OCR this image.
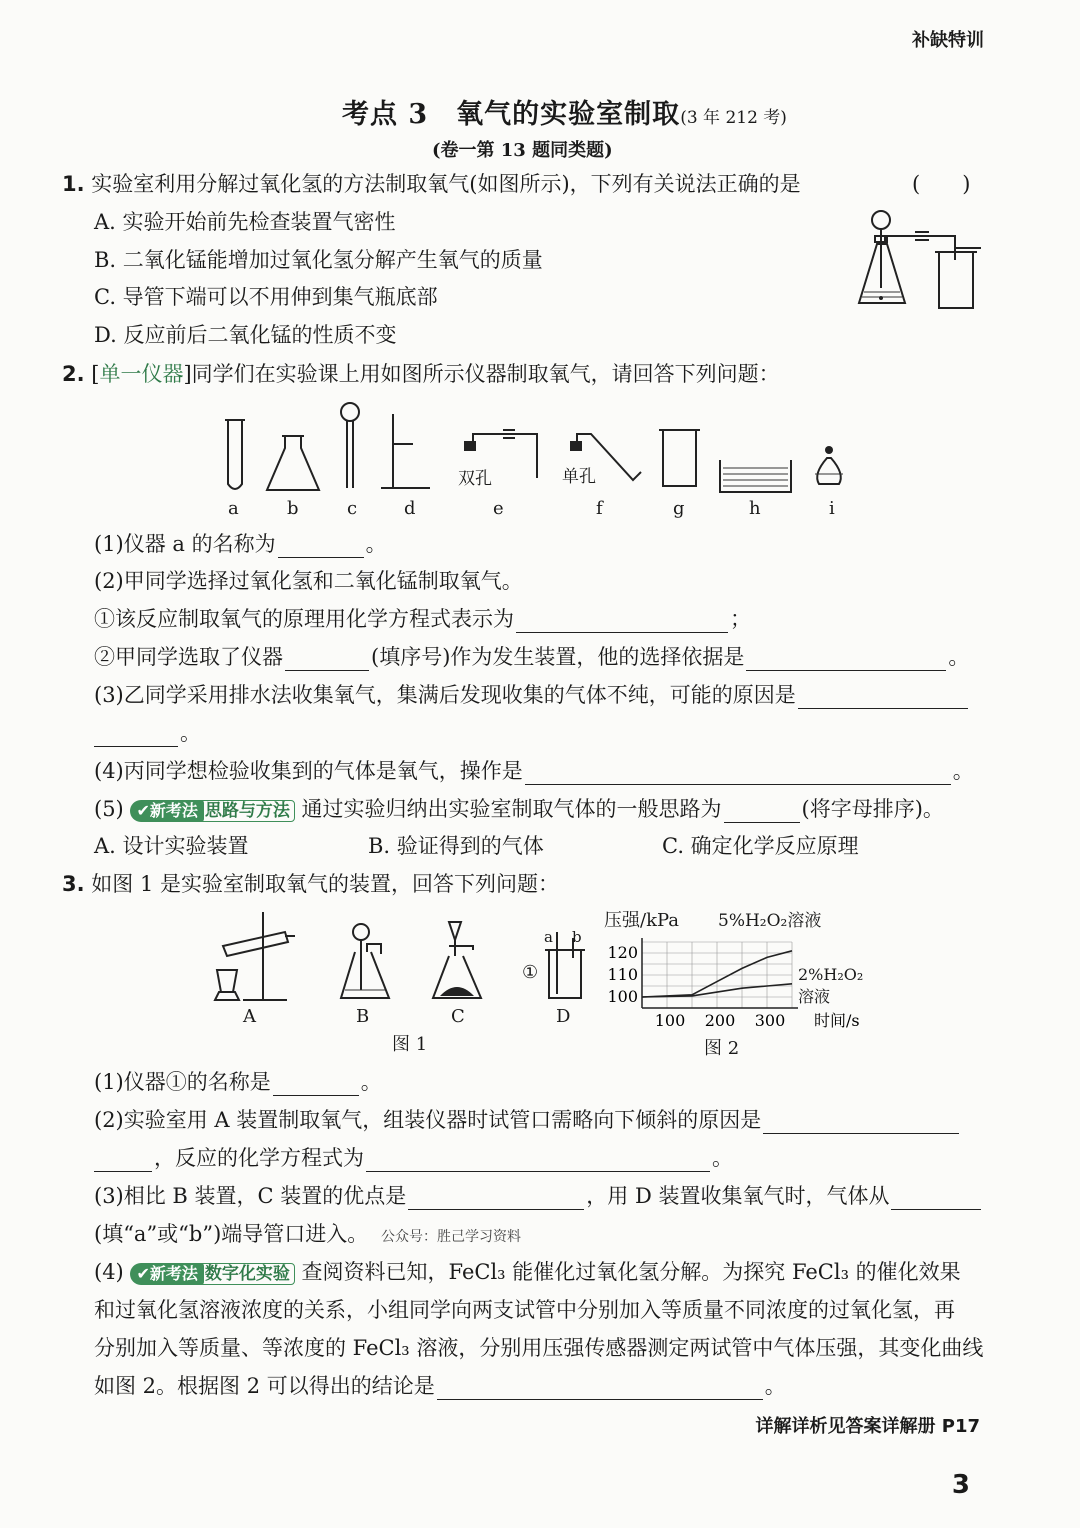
补缺特训
考点 3　氧气的实验室制取(3 年 212 考)
(卷一第 13 题同类题)
1. 实验室利用分解过氧化氢的方法制取氧气(如图所示)，下列有关说法正确的是	(　　)
A. 实验开始前先检查装置气密性
B. 二氧化锰能增加过氧化氢分解产生氧气的质量
C. 导管下端可以不用伸到集气瓶底部
D. 反应前后二氧化锰的性质不变
2. [单一仪器]同学们在实验课上用如图所示仪器制取氧气，请回答下列问题：
双孔	单孔
a	b	c	d	e	f	g	h	i
(1)仪器 a 的名称为	。
(2)甲同学选择过氧化氢和二氧化锰制取氧气。
①该反应制取氧气的原理用化学方程式表示为	；
②甲同学选取了仪器	(填序号)作为发生装置，他的选择依据是	。
(3)乙同学采用排水法收集氧气，集满后发现收集的气体不纯，可能的原因是
。
(4)丙同学想检验收集到的气体是氧气，操作是	。
(5) ✔新考法 思路与方法 通过实验归纳出实验室制取气体的一般思路为	(将字母排序)。
A. 设计实验装置	B. 验证得到的气体	C. 确定化学反应原理
3. 如图 1 是实验室制取氧气的装置，回答下列问题：
A	B	C	D
a b
①
图 1
压强/kPa 5%H₂O₂溶液
2%H₂O₂溶液
100
110
120
100 200 300 时间/s
图 2
(1)仪器①的名称是	。
(2)实验室用 A 装置制取氧气，组装仪器时试管口需略向下倾斜的原因是
，反应的化学方程式为	。
(3)相比 B 装置，C 装置的优点是	，用 D 装置收集氧气时，气体从
(填“a”或“b”)端导管口进入。 公众号：胜己学习资料
(4) ✔新考法 数字化实验 查阅资料已知，FeCl₃ 能催化过氧化氢分解。为探究 FeCl₃ 的催化效果
和过氧化氢溶液浓度的关系，小组同学向两支试管中分别加入等质量不同浓度的过氧化氢，再
分别加入等质量、等浓度的 FeCl₃ 溶液，分别用压强传感器测定两试管中气体压强，其变化曲线
如图 2。根据图 2 可以得出的结论是	。
详解详析见答案详解册 P17
3
